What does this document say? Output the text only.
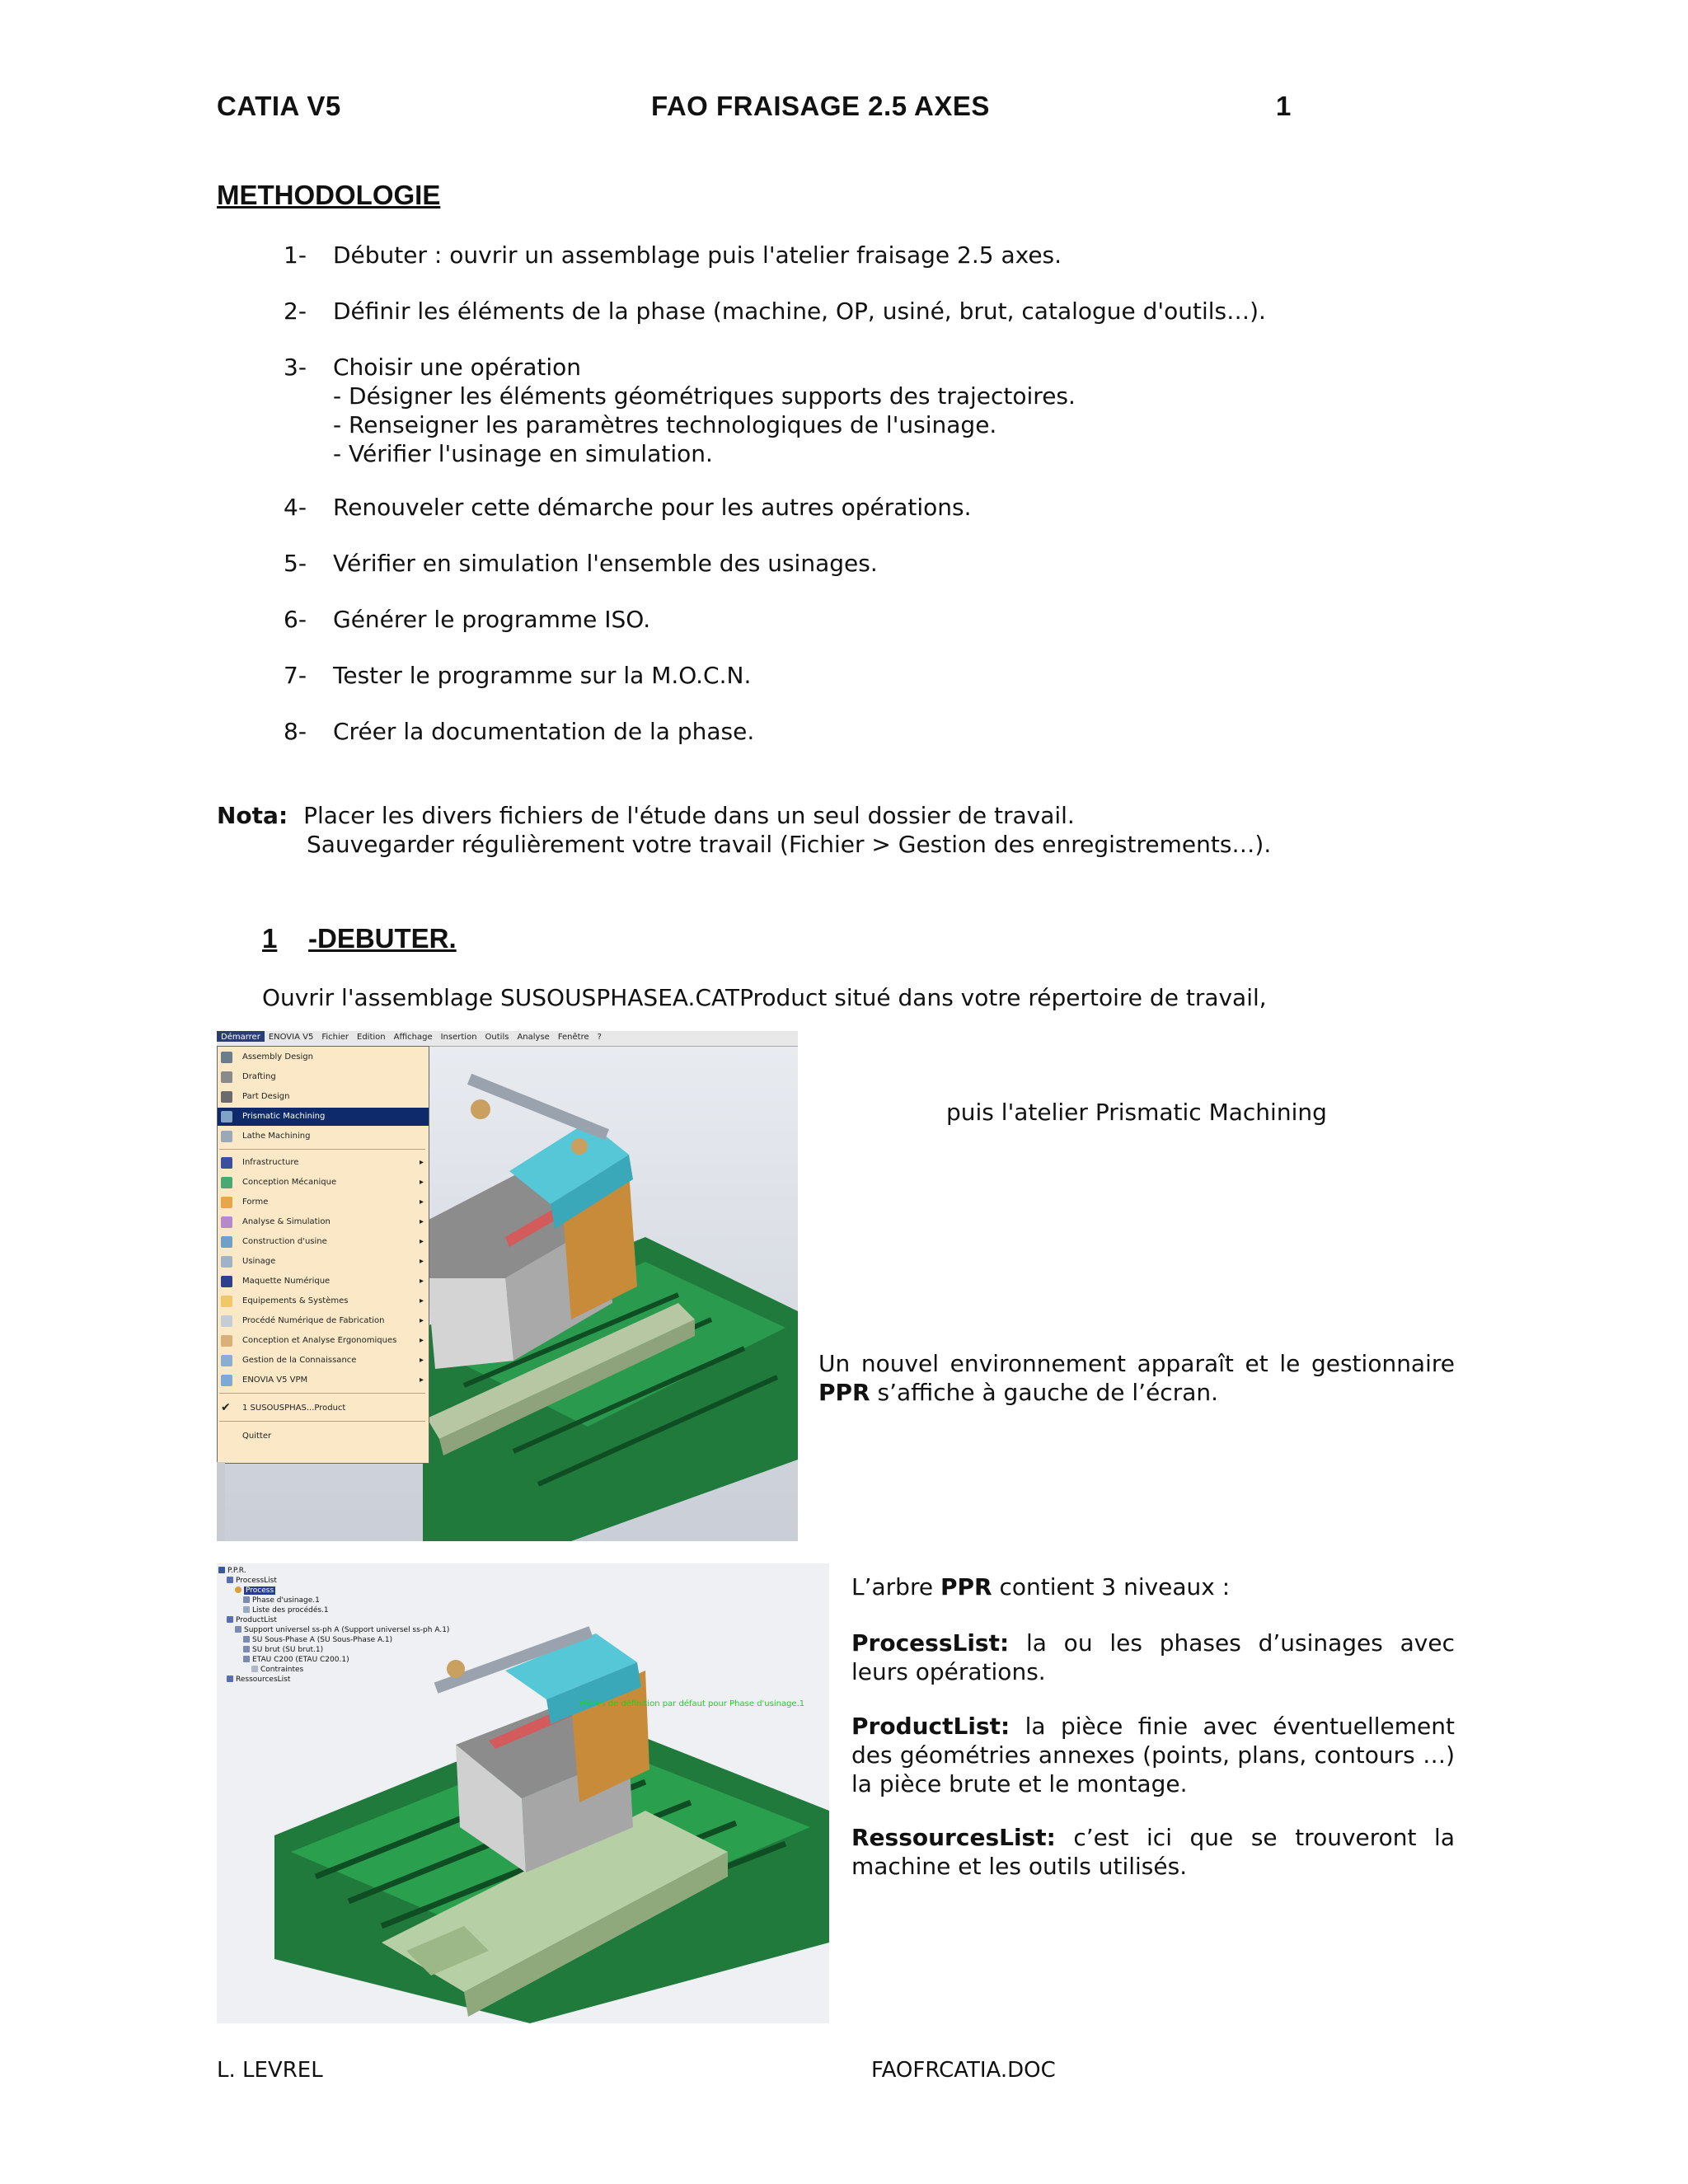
CATIA V5	FAO FRAISAGE 2.5 AXES	1
METHODOLOGIE
1-	Débuter : ouvrir un assemblage puis l'atelier fraisage 2.5 axes.
2-	Définir les éléments de la phase (machine, OP, usiné, brut, catalogue d'outils…).
3-	Choisir une opération
- Désigner les éléments géométriques supports des trajectoires.
- Renseigner les paramètres technologiques de l'usinage.
- Vérifier l'usinage en simulation.
4-	Renouveler cette démarche pour les autres opérations.
5-	Vérifier en simulation l'ensemble des usinages.
6-	Générer le programme ISO.
7-	Tester le programme sur la M.O.C.N.
8-	Créer la documentation de la phase.
Nota: Placer les divers fichiers de l'étude dans un seul dossier de travail.
Sauvegarder régulièrement votre travail (Fichier > Gestion des enregistrements…).
1 -DEBUTER.
Ouvrir l'assemblage SUSOUSPHASEA.CATProduct situé dans votre répertoire de travail,
puis l'atelier Prismatic Machining
Un nouvel environnement apparaît et le gestionnaire PPR s’affiche à gauche de l’écran.
L’arbre PPR contient 3 niveaux :
ProcessList: la ou les phases d’usinages avec leurs opérations.
ProductList: la pièce finie avec éventuellement des géométries annexes (points, plans, contours …) la pièce brute et le montage.
RessourcesList: c’est ici que se trouveront la machine et les outils utilisés.
Démarrer ENOVIA V5 Fichier Edition Affichage Insertion Outils Analyse Fenêtre ?
Assembly Design
Drafting
Part Design
Prismatic Machining
Lathe Machining
Infrastructure	▸
Conception Mécanique	▸
Forme	▸
Analyse & Simulation	▸
Construction d'usine	▸
Usinage	▸
Maquette Numérique	▸
Equipements & Systèmes	▸
Procédé Numérique de Fabrication	▸
Conception et Analyse Ergonomiques	▸
Gestion de la Connaissance	▸
ENOVIA V5 VPM	▸
✔ 1 SUSOUSPHAS...Product
Quitter
P.P.R.
ProcessList
Process
Phase d'usinage.1
Liste des procédés.1
ProductList
Support universel ss-ph A (Support universel ss-ph A.1)
SU Sous-Phase A (SU Sous-Phase A.1)
SU brut (SU brut.1)
ETAU C200 (ETAU C200.1)
Contraintes
RessourcesList
Pièces de définition par défaut pour Phase d'usinage.1
L. LEVREL	FAOFRCATIA.DOC
